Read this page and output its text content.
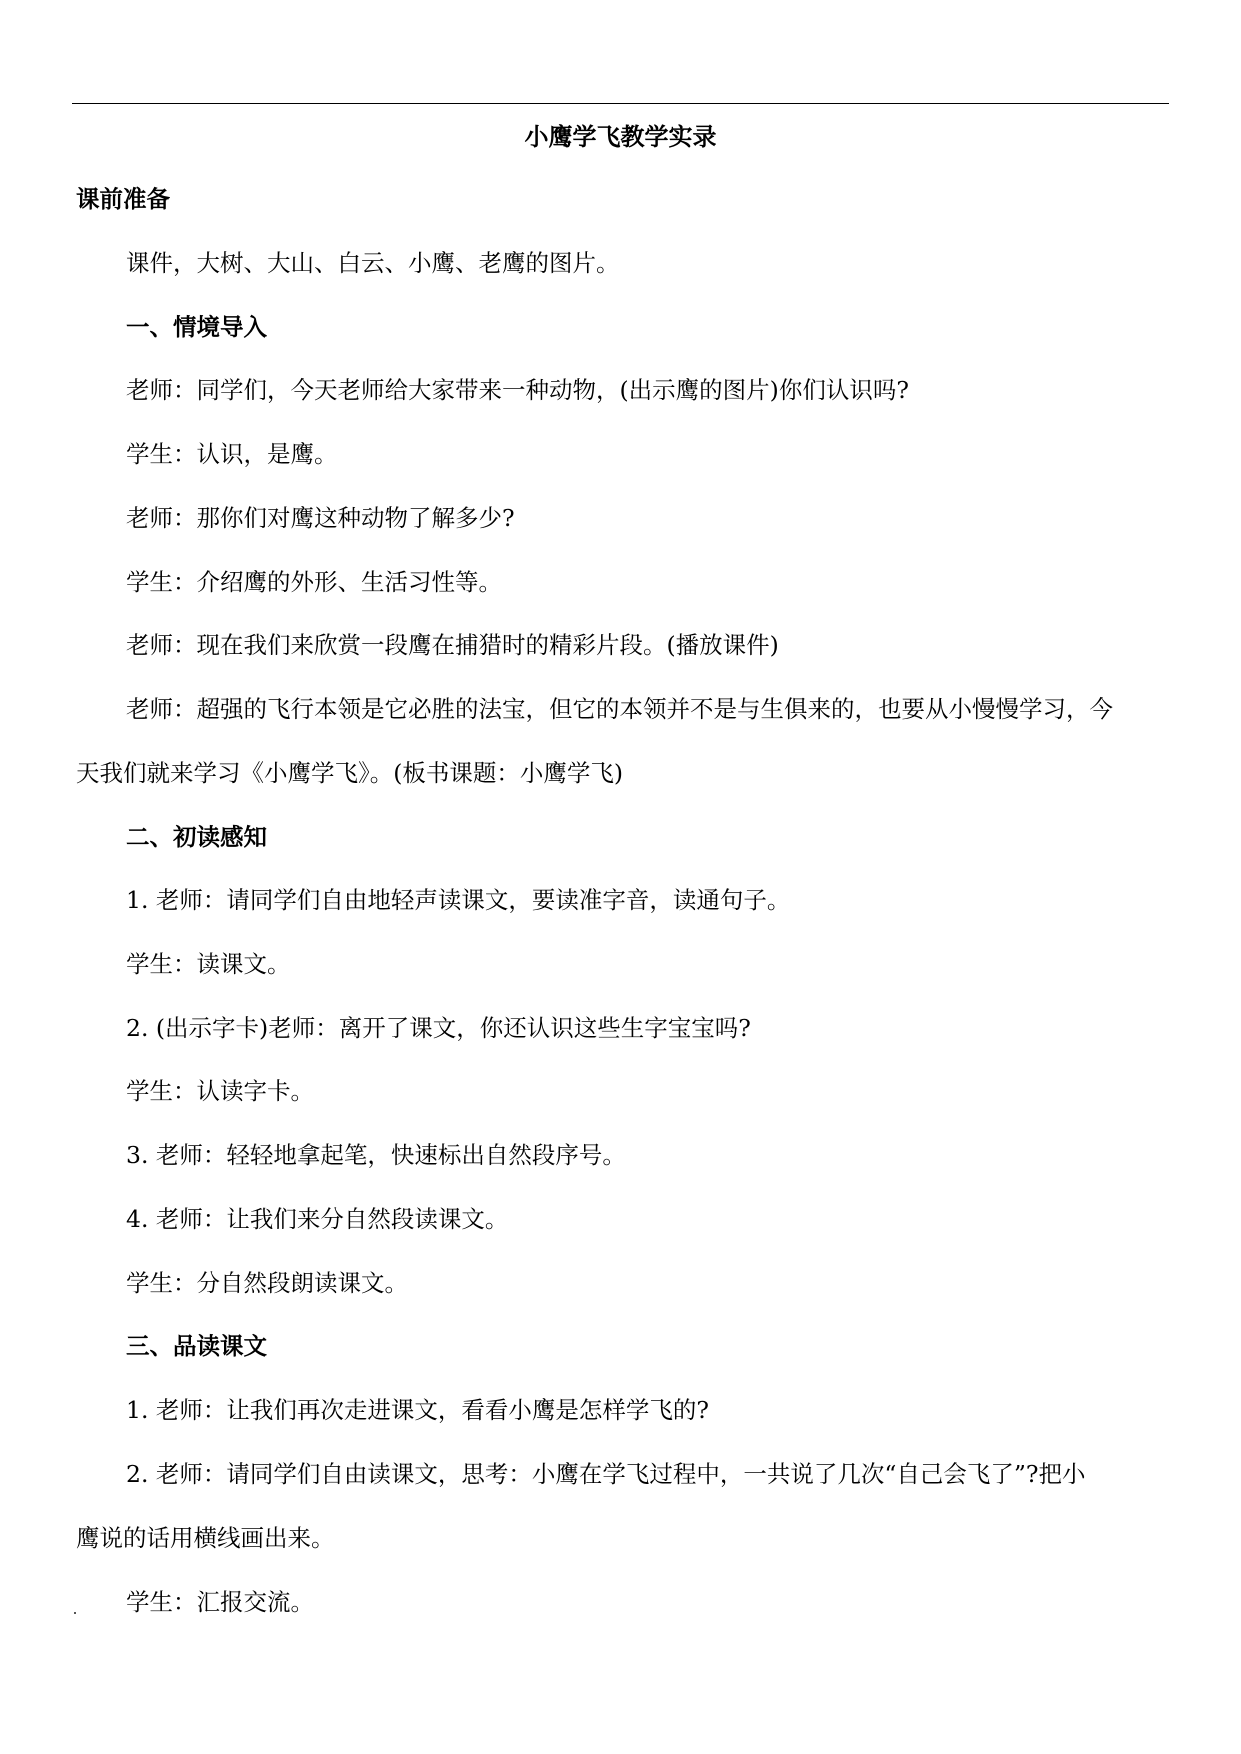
小鹰学飞教学实录
课前准备
课件，大树、大山、白云、小鹰、老鹰的图片。
一、情境导入
老师：同学们，今天老师给大家带来一种动物，(出示鹰的图片)你们认识吗?
学生：认识，是鹰。
老师：那你们对鹰这种动物了解多少?
学生：介绍鹰的外形、生活习性等。
老师：现在我们来欣赏一段鹰在捕猎时的精彩片段。(播放课件)
老师：超强的飞行本领是它必胜的法宝，但它的本领并不是与生俱来的，也要从小慢慢学习，今
天我们就来学习《小鹰学飞》。(板书课题：小鹰学飞)
二、初读感知
1. 老师：请同学们自由地轻声读课文，要读准字音，读通句子。
学生：读课文。
2. (出示字卡)老师：离开了课文，你还认识这些生字宝宝吗?
学生：认读字卡。
3. 老师：轻轻地拿起笔，快速标出自然段序号。
4. 老师：让我们来分自然段读课文。
学生：分自然段朗读课文。
三、品读课文
1. 老师：让我们再次走进课文，看看小鹰是怎样学飞的?
2. 老师：请同学们自由读课文，思考：小鹰在学飞过程中，一共说了几次“自己会飞了”?把小
鹰说的话用横线画出来。
学生：汇报交流。
